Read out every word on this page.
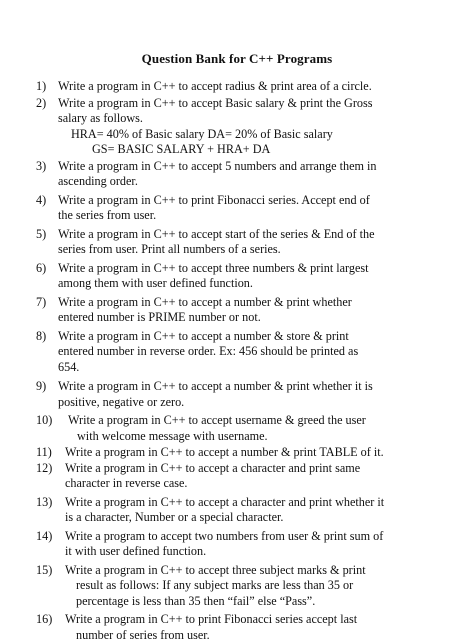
Question Bank for C++ Programs
1) Write a program in C++ to accept radius & print area of a circle.
2) Write a program in C++ to accept Basic salary & print the Gross
salary as follows.
HRA= 40% of Basic salary DA= 20% of Basic salary
GS= BASIC SALARY + HRA+ DA
3) Write a program in C++ to accept 5 numbers and arrange them in
ascending order.
4) Write a program in C++ to print Fibonacci series. Accept end of
the series from user.
5) Write a program in C++ to accept start of the series & End of the
series from user. Print all numbers of a series.
6) Write a program in C++ to accept three numbers & print largest
among them with user defined function.
7) Write a program in C++ to accept a number & print whether
entered number is PRIME number or not.
8) Write a program in C++ to accept a number & store & print
entered number in reverse order. Ex: 456 should be printed as
654.
9) Write a program in C++ to accept a number & print whether it is
positive, negative or zero.
10)	Write a program in C++ to accept username & greed the user
with welcome message with username.
11)	Write a program in C++ to accept a number & print TABLE of it.
12)	Write a program in C++ to accept a character and print same
character in reverse case.
13)	Write a program in C++ to accept a character and print whether it
is a character, Number or a special character.
14)	Write a program to accept two numbers from user & print sum of
it with user defined function.
15)	Write a program in C++ to accept three subject marks & print
result as follows: If any subject marks are less than 35 or
percentage is less than 35 then “fail” else “Pass”.
16)	Write a program in C++ to print Fibonacci series accept last
number of series from user.
